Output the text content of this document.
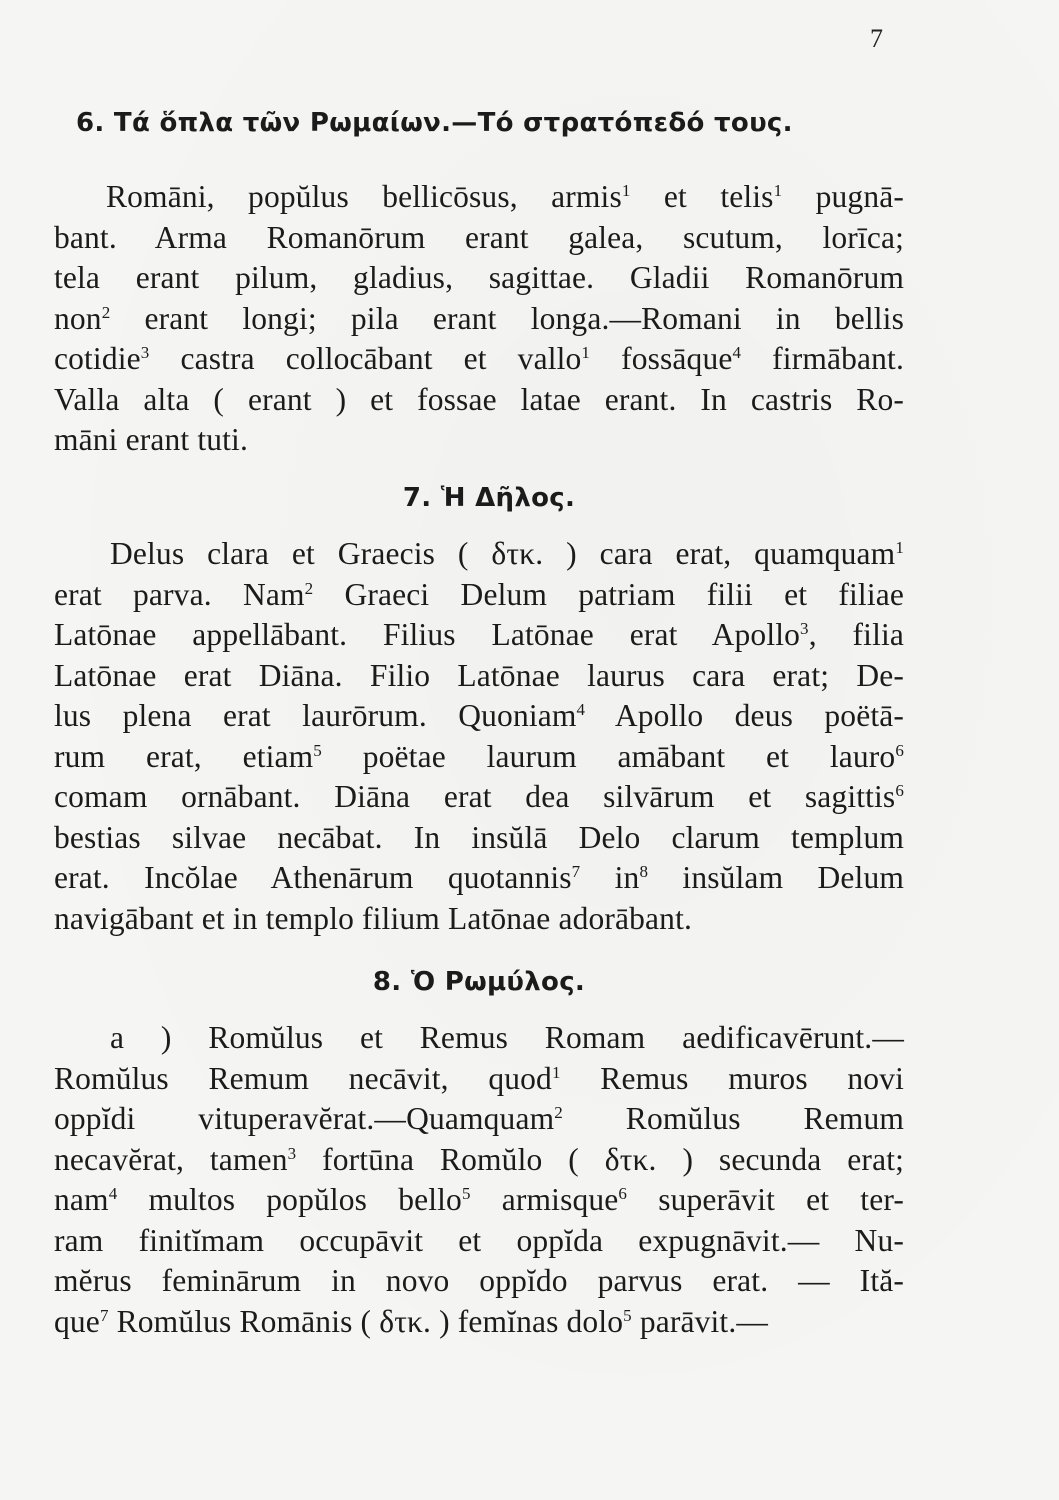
7
6. Τά ὅπλα τῶν Ρωμαίων.—Τό στρατόπεδό τους.
Romāni, popŭlus bellicōsus, armis$^1$ et telis$^1$ pugnā-
bant. Arma Romanōrum erant galea, scutum, lorīca;
tela erant pilum, gladius, sagittae. Gladii Romanōrum
non$^2$ erant longi; pila erant longa.—Romani in bellis
cotidie$^3$ castra collocābant et vallo$^1$ fossāque$^4$ firmābant.
Valla alta ( erant ) et fossae latae erant. In castris Ro-
māni erant tuti.
7. Ἡ Δῆλος.
Delus clara et Graecis ( δτκ. ) cara erat, quamquam$^1$
erat parva. Nam$^2$ Graeci Delum patriam filii et filiae
Latōnae appellābant. Filius Latōnae erat Apollo$^3$, filia
Latōnae erat Diāna. Filio Latōnae laurus cara erat; De-
lus plena erat laurōrum. Quoniam$^4$ Apollo deus poëtā-
rum erat, etiam$^5$ poëtae laurum amābant et lauro$^6$
comam ornābant. Diāna erat dea silvārum et sagittis$^6$
bestias silvae necābat. In insŭlā Delo clarum templum
erat. Incŏlae Athenārum quotannis$^7$ $in^8$ insŭlam Delum
navigābant et in templo filium Latōnae adorābant.
8. Ὁ Ρωμύλος.
a ) Romŭlus et Remus Romam aedificavērunt.—
Romŭlus Remum necāvit, quod$^1$ Remus muros novi
oppĭdi vituperavĕrat.—Quamquam$^2$ Romŭlus Remum
necavĕrat, tamen$^3$ fortūna Romŭlo ( δτκ. ) secunda erat;
nam$^4$ multos popŭlos bello$^5$ armisque$^6$ superāvit et ter-
ram finitĭmam occupāvit et oppĭda expugnāvit.— Nu-
mĕrus feminārum in novo oppĭdo parvus erat. — Ită-
que$^7$ Romŭlus Romānis ( δτκ. ) femĭnas dolo$^5$ parāvit.—
